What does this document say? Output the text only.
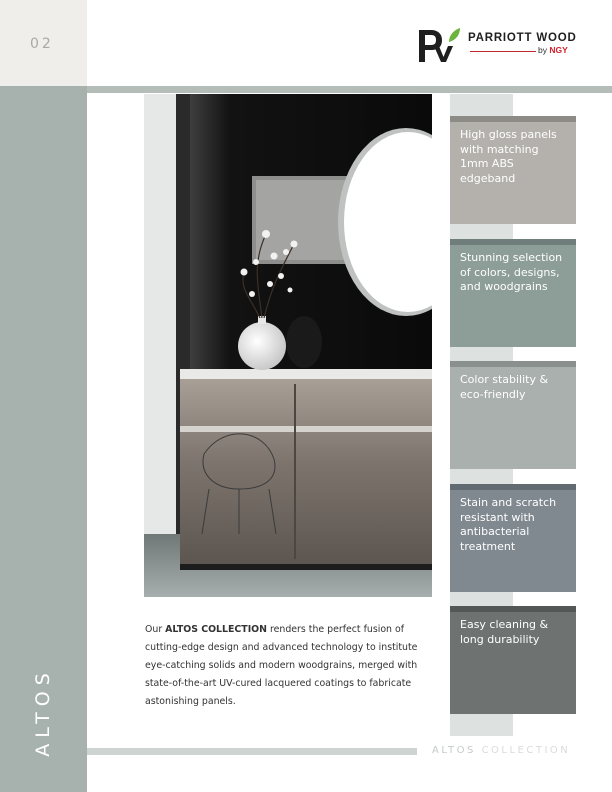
02
ALTOS
PARRIOTT WOOD
by NGY
High gloss panels with matching 1mm ABS edgeband
Stunning selection of colors, designs, and woodgrains
Color stability & eco-friendly
Stain and scratch resistant with antibacterial treatment
Easy cleaning & long durability

Our ALTOS COLLECTION renders the perfect fusion of cutting-edge design and advanced technology to institute eye-catching solids and modern woodgrains, merged with state-of-the-art UV-cured lacquered coatings to fabricate astonishing panels.

ALTOS COLLECTION
